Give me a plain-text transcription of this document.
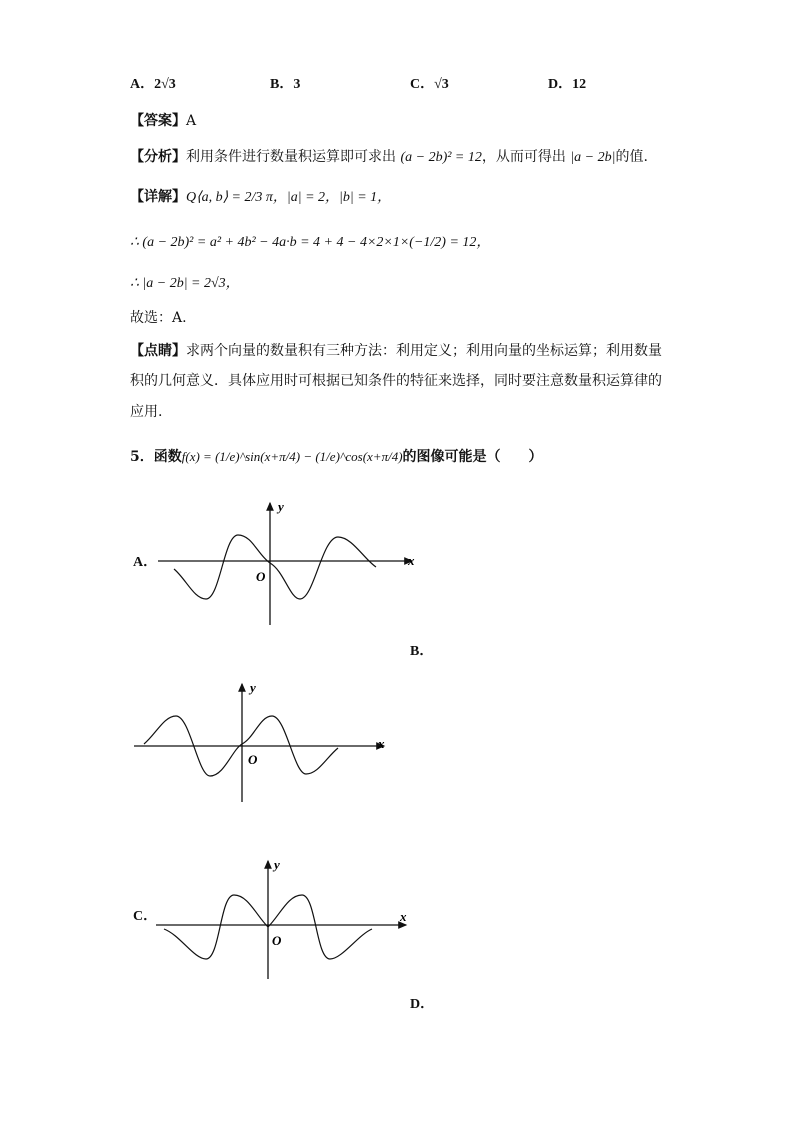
A．2√3	B．3	C．√3	D．12
【答案】A
【分析】利用条件进行数量积运算即可求出 (a − 2b)² = 12，从而可得出 |a − 2b|的值.
【详解】Q⟨a, b⟩ = 2/3 π，|a| = 2，|b| = 1，
∴ (a − 2b)² = a² + 4b² − 4a·b = 4 + 4 − 4×2×1×(−1/2) = 12，
∴ |a − 2b| = 2√3，
故选：A.
【点睛】求两个向量的数量积有三种方法：利用定义；利用向量的坐标运算；利用数量
积的几何意义．具体应用时可根据已知条件的特征来选择，同时要注意数量积运算律的
应用.
5．函数f(x) = (1/e)^sin(x+π/4) − (1/e)^cos(x+π/4)的图像可能是（　　）
A．	x
y
O
B．
x
y
O
C．	x
y
O
D．
